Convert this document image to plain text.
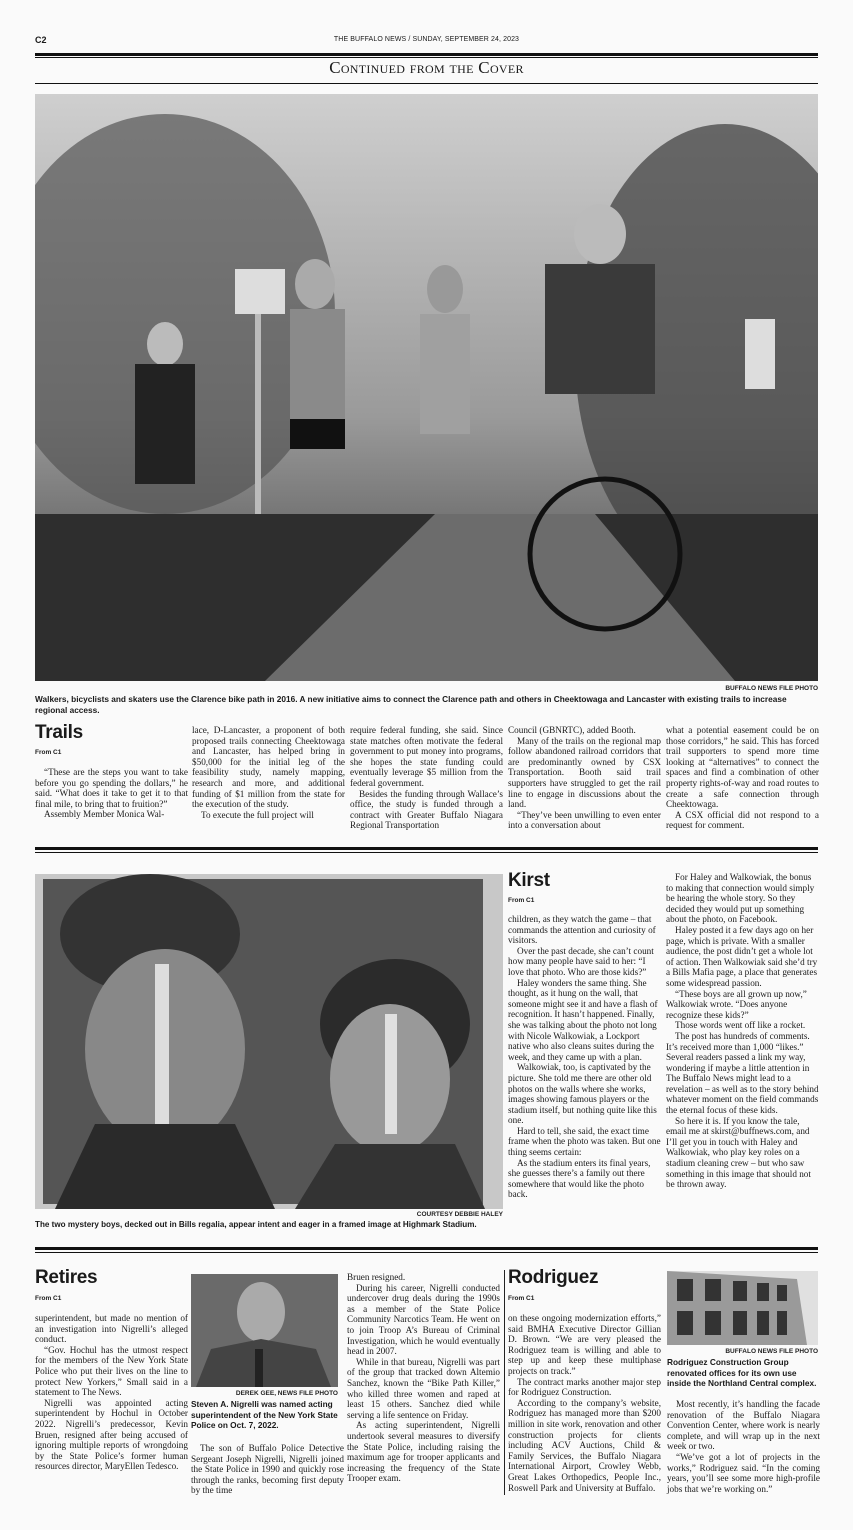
C2	THE BUFFALO NEWS / SUNDAY, SEPTEMBER 24, 2023
Continued from the Cover
BUFFALO NEWS FILE PHOTO
Walkers, bicyclists and skaters use the Clarence bike path in 2016. A new initiative aims to connect the Clarence path and others in Cheektowaga and Lancaster with existing trails to increase regional access.
Trails
From C1

“These are the steps you want to take before you go spending the dollars,” he said. “What does it take to get it to that final mile, to bring that to fruition?”

Assembly Member Monica Wal-

lace, D-Lancaster, a proponent of both proposed trails connecting Cheektowaga and Lancaster, has helped bring in $50,000 for the initial leg of the feasibility study, namely mapping, research and more, and additional funding of $1 million from the state for the execution of the study.

To execute the full project will

require federal funding, she said. Since state matches often motivate the federal government to put money into programs, she hopes the state funding could eventually leverage $5 million from the federal government.

Besides the funding through Wallace’s office, the study is funded through a contract with Greater Buffalo Niagara Regional Transportation

Council (GBNRTC), added Booth.

Many of the trails on the regional map follow abandoned railroad corridors that are predominantly owned by CSX Transportation. Booth said trail supporters have struggled to get the rail line to engage in discussions about the land.

“They’ve been unwilling to even enter into a conversation about

what a potential easement could be on those corridors,” he said. This has forced trail supporters to spend more time looking at “alternatives” to connect the spaces and find a combination of other property rights-of-way and road routes to create a safe connection through Cheektowaga.

A CSX official did not respond to a request for comment.

COURTESY DEBBIE HALEY
The two mystery boys, decked out in Bills regalia, appear intent and eager in a framed image at Highmark Stadium.
Kirst
From C1

children, as they watch the game – that commands the attention and curiosity of visitors.

Over the past decade, she can’t count how many people have said to her: “I love that photo. Who are those kids?”

Haley wonders the same thing. She thought, as it hung on the wall, that someone might see it and have a flash of recognition. It hasn’t happened. Finally, she was talking about the photo not long with Nicole Walkowiak, a Lockport native who also cleans suites during the week, and they came up with a plan.

Walkowiak, too, is captivated by the picture. She told me there are other old photos on the walls where she works, images showing famous players or the stadium itself, but nothing quite like this one.

Hard to tell, she said, the exact time frame when the photo was taken. But one thing seems certain:

As the stadium enters its final years, she guesses there’s a family out there somewhere that would like the photo back.

For Haley and Walkowiak, the bonus to making that connection would simply be hearing the whole story. So they decided they would put up something about the photo, on Facebook.

Haley posted it a few days ago on her page, which is private. With a smaller audience, the post didn’t get a whole lot of action. Then Walkowiak said she’d try a Bills Mafia page, a place that generates some widespread passion.

“These boys are all grown up now,” Walkowiak wrote. “Does anyone recognize these kids?”

Those words went off like a rocket.

The post has hundreds of comments. It’s received more than 1,000 “likes.” Several readers passed a link my way, wondering if maybe a little attention in The Buffalo News might lead to a revelation – as well as to the story behind whatever moment on the field commands the eternal focus of these kids.

So here it is. If you know the tale, email me at skirst@buffnews.com, and I’ll get you in touch with Haley and Walkowiak, who play key roles on a stadium cleaning crew – but who saw something in this image that should not be thrown away.

Retires
From C1

superintendent, but made no mention of an investigation into Nigrelli’s alleged conduct.

“Gov. Hochul has the utmost respect for the members of the New York State Police who put their lives on the line to protect New Yorkers,” Small said in a statement to The News.

Nigrelli was appointed acting superintendent by Hochul in October 2022. Nigrelli’s predecessor, Kevin Bruen, resigned after being accused of ignoring multiple reports of wrongdoing by the State Police’s former human resources director, MaryEllen Tedesco.

DEREK GEE, NEWS FILE PHOTO
Steven A. Nigrelli was named acting superintendent of the New York State Police on Oct. 7, 2022.

The son of Buffalo Police Detective Sergeant Joseph Nigrelli, Nigrelli joined the State Police in 1990 and quickly rose through the ranks, becoming first deputy by the time

Bruen resigned.

During his career, Nigrelli conducted undercover drug deals during the 1990s as a member of the State Police Community Narcotics Team. He went on to join Troop A’s Bureau of Criminal Investigation, which he would eventually head in 2007.

While in that bureau, Nigrelli was part of the group that tracked down Altemio Sanchez, known the “Bike Path Killer,” who killed three women and raped at least 15 others. Sanchez died while serving a life sentence on Friday.

As acting superintendent, Nigrelli undertook several measures to diversify the State Police, including raising the maximum age for trooper applicants and increasing the frequency of the State Trooper exam.

Rodriguez
From C1

on these ongoing modernization efforts,” said BMHA Executive Director Gillian D. Brown. “We are very pleased the Rodriguez team is willing and able to step up and keep these multiphase projects on track.”

The contract marks another major step for Rodriguez Construction.

According to the company’s website, Rodriguez has managed more than $200 million in site work, renovation and other construction projects for clients including ACV Auctions, Child & Family Services, the Buffalo Niagara International Airport, Crowley Webb, Great Lakes Orthopedics, People Inc., Roswell Park and University at Buffalo.

BUFFALO NEWS FILE PHOTO
Rodriguez Construction Group renovated offices for its own use inside the Northland Central complex.

Most recently, it’s handling the facade renovation of the Buffalo Niagara Convention Center, where work is nearly complete, and will wrap up in the next week or two.

“We’ve got a lot of projects in the works,” Rodriguez said. “In the coming years, you’ll see some more high-profile jobs that we’re working on.”
